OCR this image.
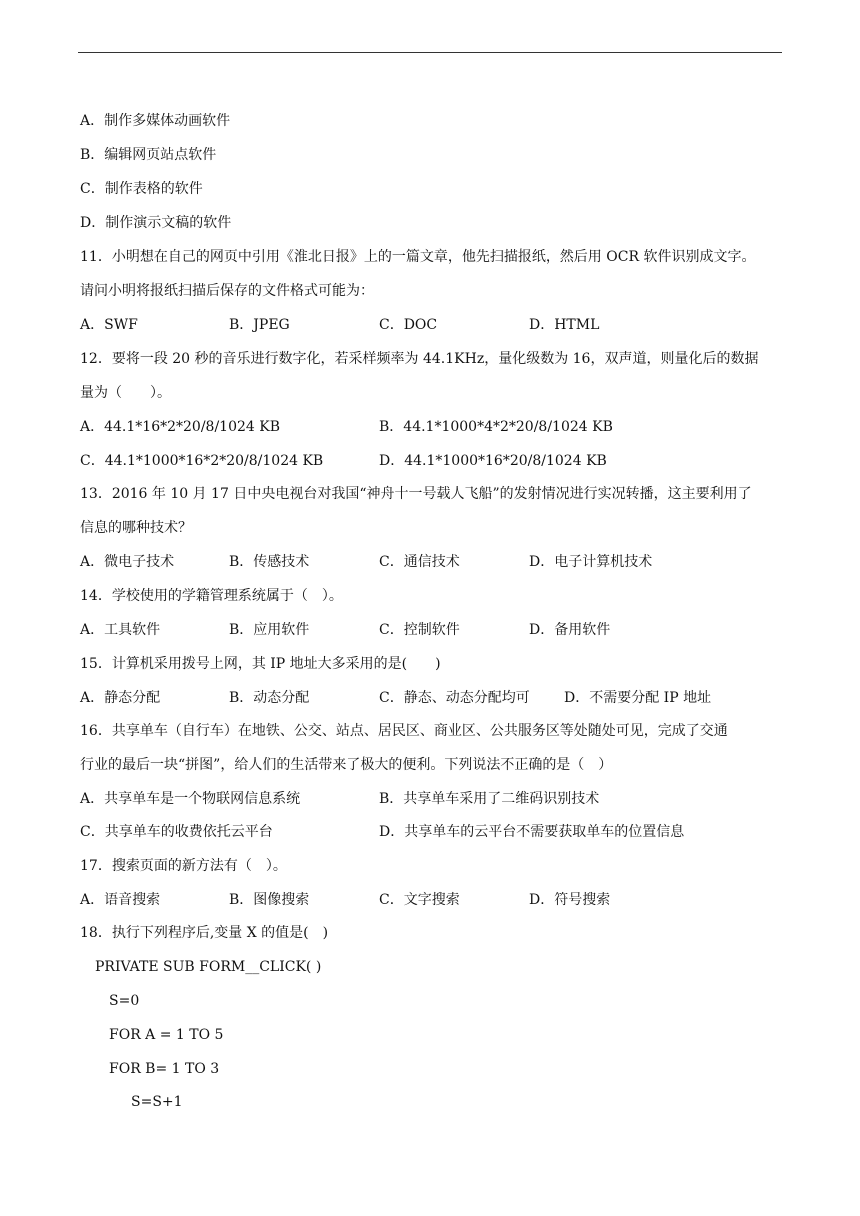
A．制作多媒体动画软件
B．编辑网页站点软件
C．制作表格的软件
D．制作演示文稿的软件
11．小明想在自己的网页中引用《淮北日报》上的一篇文章，他先扫描报纸，然后用 OCR 软件识别成文字。
请问小明将报纸扫描后保存的文件格式可能为：
A．SWF	B．JPEG	C．DOC	D．HTML
12．要将一段 20 秒的音乐进行数字化，若采样频率为 44.1KHz，量化级数为 16，双声道，则量化后的数据
量为（　　）。
A．44.1*16*2*20/8/1024 KB	B．44.1*1000*4*2*20/8/1024 KB
C．44.1*1000*16*2*20/8/1024 KB	D．44.1*1000*16*20/8/1024 KB
13．2016 年 10 月 17 日中央电视台对我国“神舟十一号载人飞船”的发射情况进行实况转播，这主要利用了
信息的哪种技术？
A．微电子技术	B．传感技术	C．通信技术	D．电子计算机技术
14．学校使用的学籍管理系统属于（　）。
A．工具软件	B．应用软件	C．控制软件	D．备用软件
15．计算机采用拨号上网，其 IP 地址大多采用的是(　　)
A．静态分配	B．动态分配	C．静态、动态分配均可 D．不需要分配 IP 地址
16．共享单车（自行车）在地铁、公交、站点、居民区、商业区、公共服务区等处随处可见，完成了交通
行业的最后一块“拼图”，给人们的生活带来了极大的便利。下列说法不正确的是（　）
A．共享单车是一个物联网信息系统	B．共享单车采用了二维码识别技术
C．共享单车的收费依托云平台	D．共享单车的云平台不需要获取单车的位置信息
17．搜索页面的新方法有（　）。
A．语音搜索	B．图像搜索	C．文字搜索	D．符号搜索
18．执行下列程序后,变量 X 的值是(　)
PRIVATE SUB FORM__CLICK( )
S=0
FOR A = 1 TO 5
FOR B= 1 TO 3
S=S+1
